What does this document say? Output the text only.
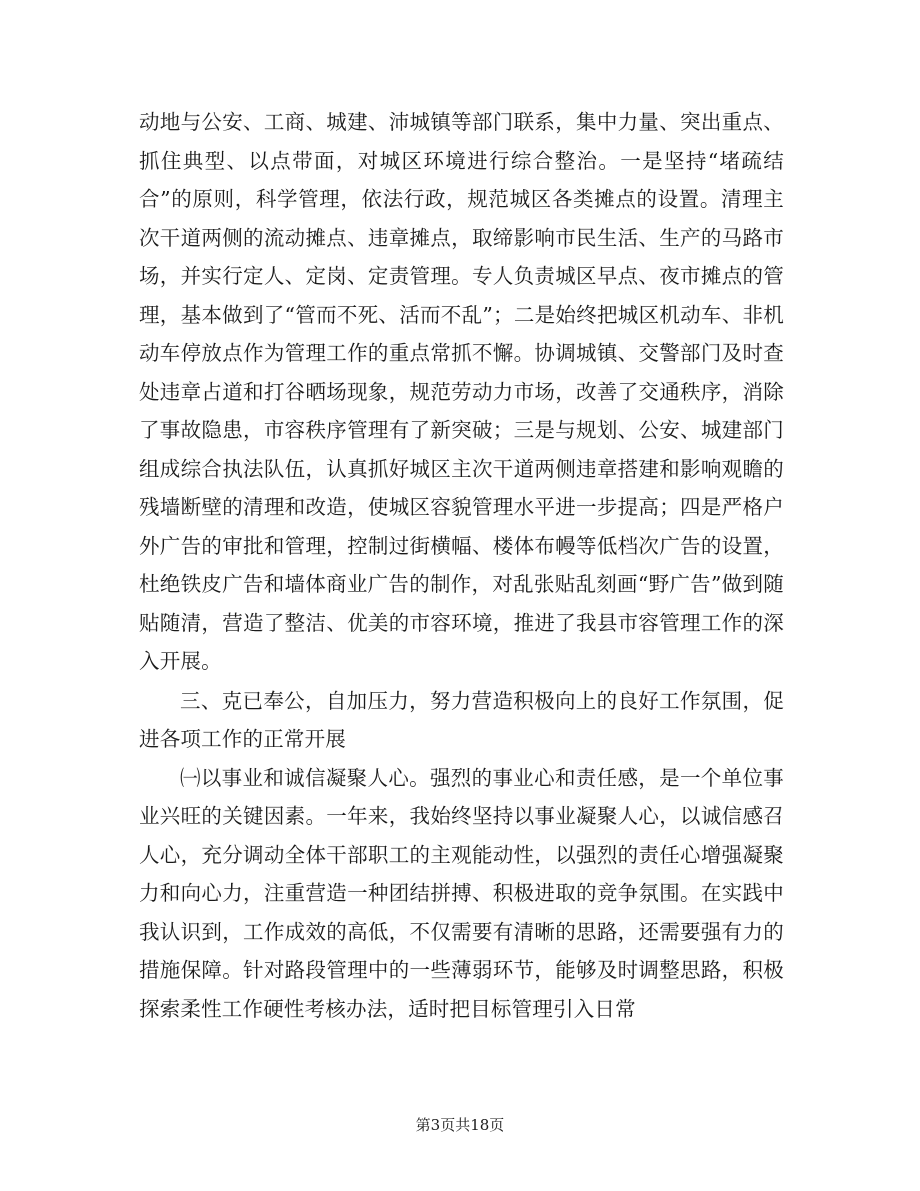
动地与公安、工商、城建、沛城镇等部门联系，集中力量、突出重点、抓住典型、以点带面，对城区环境进行综合整治。一是坚持“堵疏结合”的原则，科学管理，依法行政，规范城区各类摊点的设置。清理主次干道两侧的流动摊点、违章摊点，取缔影响市民生活、生产的马路市场，并实行定人、定岗、定责管理。专人负责城区早点、夜市摊点的管理，基本做到了“管而不死、活而不乱”；二是始终把城区机动车、非机动车停放点作为管理工作的重点常抓不懈。协调城镇、交警部门及时查处违章占道和打谷晒场现象，规范劳动力市场，改善了交通秩序，消除了事故隐患，市容秩序管理有了新突破；三是与规划、公安、城建部门组成综合执法队伍，认真抓好城区主次干道两侧违章搭建和影响观瞻的残墙断壁的清理和改造，使城区容貌管理水平进一步提高；四是严格户外广告的审批和管理，控制过街横幅、楼体布幔等低档次广告的设置，杜绝铁皮广告和墙体商业广告的制作，对乱张贴乱刻画“野广告”做到随贴随清，营造了整洁、优美的市容环境，推进了我县市容管理工作的深入开展。

三、克已奉公，自加压力，努力营造积极向上的良好工作氛围，促进各项工作的正常开展

㈠以事业和诚信凝聚人心。强烈的事业心和责任感，是一个单位事业兴旺的关键因素。一年来，我始终坚持以事业凝聚人心，以诚信感召人心，充分调动全体干部职工的主观能动性，以强烈的责任心增强凝聚力和向心力，注重营造一种团结拼搏、积极进取的竞争氛围。在实践中我认识到，工作成效的高低，不仅需要有清晰的思路，还需要强有力的措施保障。针对路段管理中的一些薄弱环节，能够及时调整思路，积极探索柔性工作硬性考核办法，适时把目标管理引入日常

第3页共18页
